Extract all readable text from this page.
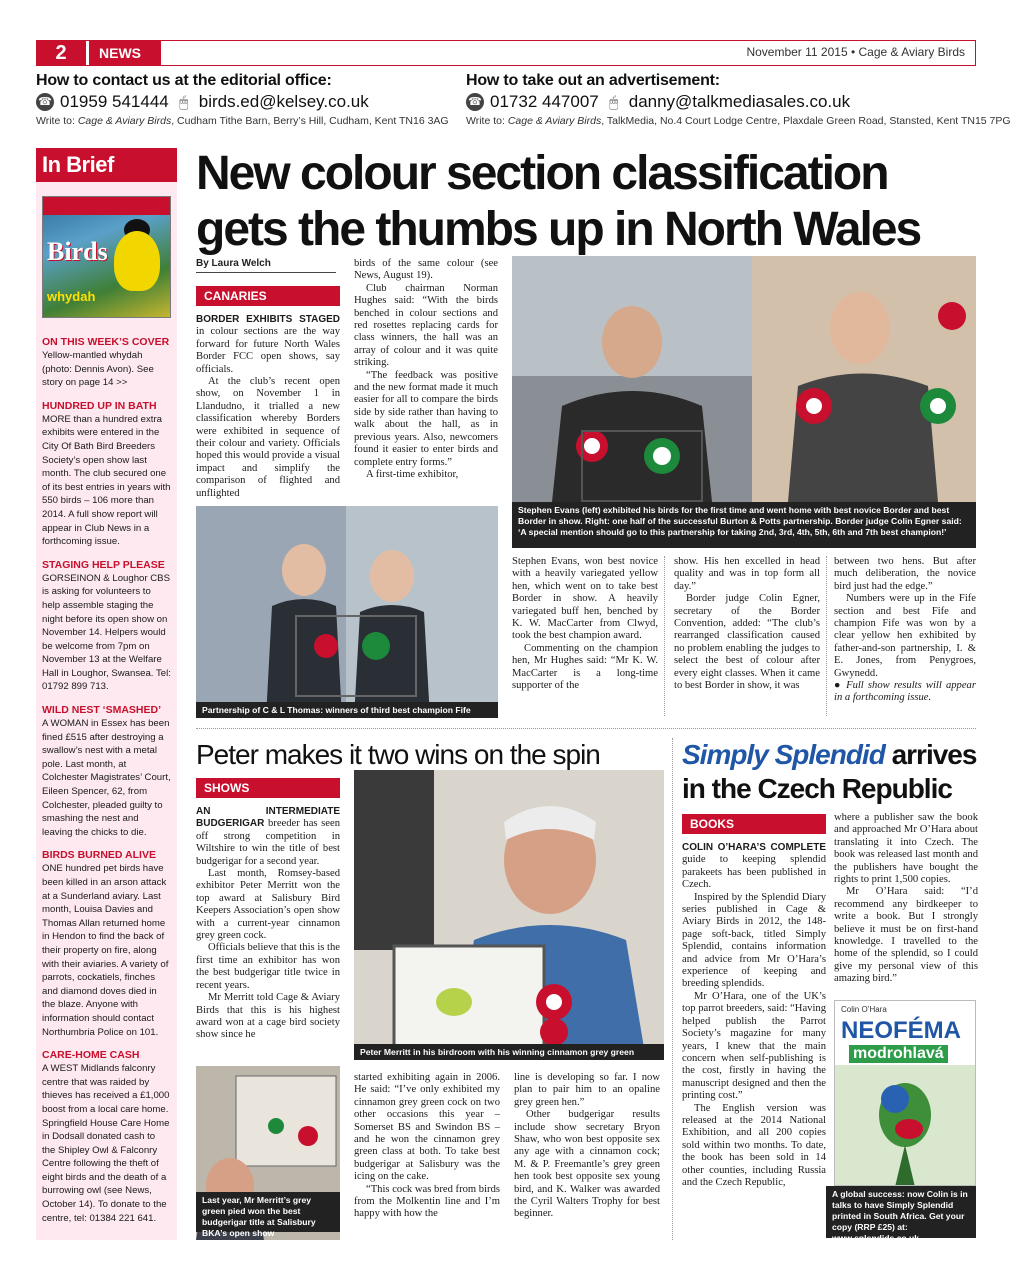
2	NEWS	November 11 2015 • Cage & Aviary Birds
How to contact us at the editorial office:
☎ 01959 541444 🖱 birds.ed@kelsey.co.uk
Write to: Cage & Aviary Birds, Cudham Tithe Barn, Berry’s Hill, Cudham, Kent TN16 3AG
How to take out an advertisement:
☎ 01732 447007 🖱 danny@talkmediasales.co.uk
Write to: Cage & Aviary Birds, TalkMedia, No.4 Court Lodge Centre, Plaxdale Green Road, Stansted, Kent TN15 7PG
In Brief
Birds
whydah
ON THIS WEEK’S COVER
Yellow-mantled whydah (photo: Dennis Avon). See story on page 14 >>
HUNDRED UP IN BATH
MORE than a hundred extra exhibits were entered in the City Of Bath Bird Breeders Society’s open show last month. The club secured one of its best entries in years with 550 birds – 106 more than 2014. A full show report will appear in Club News in a forthcoming issue.
STAGING HELP PLEASE
GORSEINON & Loughor CBS is asking for volunteers to help assemble staging the night before its open show on November 14. Helpers would be welcome from 7pm on November 13 at the Welfare Hall in Loughor, Swansea. Tel: 01792 899 713.
WILD NEST ‘SMASHED’
A WOMAN in Essex has been fined £515 after destroying a swallow’s nest with a metal pole. Last month, at Colchester Magistrates’ Court, Eileen Spencer, 62, from Colchester, pleaded guilty to smashing the nest and leaving the chicks to die.
BIRDS BURNED ALIVE
ONE hundred pet birds have been killed in an arson attack at a Sunderland aviary. Last month, Louisa Davies and Thomas Allan returned home in Hendon to find the back of their property on fire, along with their aviaries. A variety of parrots, cockatiels, finches and diamond doves died in the blaze. Anyone with information should contact Northumbria Police on 101.
CARE-HOME CASH
A WEST Midlands falconry centre that was raided by thieves has received a £1,000 boost from a local care home. Springfield House Care Home in Dodsall donated cash to the Shipley Owl & Falconry Centre following the theft of eight birds and the death of a burrowing owl (see News, October 14). To donate to the centre, tel: 01384 221 641.
New colour section classification gets the thumbs up in North Wales
By Laura Welch
CANARIES

BORDER EXHIBITS STAGED in colour sections are the way forward for future North Wales Border FCC open shows, say officials.

At the club’s recent open show, on November 1 in Llandudno, it trialled a new classification whereby Borders were exhibited in sequence of their colour and variety. Officials hoped this would provide a visual impact and simplify the comparison of flighted and unflighted

birds of the same colour (see News, August 19).

Club chairman Norman Hughes said: “With the birds benched in colour sections and red rosettes replacing cards for class winners, the hall was an array of colour and it was quite striking.

“The feedback was positive and the new format made it much easier for all to compare the birds side by side rather than having to walk about the hall, as in previous years. Also, newcomers found it easier to enter birds and complete entry forms.”

A first-time exhibitor,

Stephen Evans (left) exhibited his birds for the first time and went home with best novice Border and best Border in show. Right: one half of the successful Burton & Potts partnership. Border judge Colin Egner said: ‘A special mention should go to this partnership for taking 2nd, 3rd, 4th, 5th, 6th and 7th best champion!’
Partnership of C & L Thomas: winners of third best champion Fife canary

Stephen Evans, won best novice with a heavily variegated yellow hen, which went on to take best Border in show. A heavily variegated buff hen, benched by K. W. MacCarter from Clwyd, took the best champion award.

Commenting on the champion hen, Mr Hughes said: “Mr K. W. MacCarter is a long-time supporter of the

show. His hen excelled in head quality and was in top form all day.”

Border judge Colin Egner, secretary of the Border Convention, added: “The club’s rearranged classification caused no problem enabling the judges to select the best of colour after every eight classes. When it came to best Border in show, it was

between two hens. But after much deliberation, the novice bird just had the edge.”

Numbers were up in the Fife section and best Fife and champion Fife was won by a clear yellow hen exhibited by father-and-son partnership, I. & E. Jones, from Penygroes, Gwynedd.

● Full show results will appear in a forthcoming issue.

Peter makes it two wins on the spin
SHOWS

AN INTERMEDIATE BUDGERIGAR breeder has seen off strong competition in Wiltshire to win the title of best budgerigar for a second year.

Last month, Romsey-based exhibitor Peter Merritt won the top award at Salisbury Bird Keepers Association’s open show with a current-year cinnamon grey green cock.

Officials believe that this is the first time an exhibitor has won the best budgerigar title twice in recent years.

Mr Merritt told Cage & Aviary Birds that this is his highest award won at a cage bird society show since he

Peter Merritt in his birdroom with his winning cinnamon grey green budgie
Last year, Mr Merritt’s grey green pied won the best budgerigar title at Salisbury BKA’s open show

started exhibiting again in 2006. He said: “I’ve only exhibited my cinnamon grey green cock on two other occasions this year – Somerset BS and Swindon BS – and he won the cinnamon grey green class at both. To take best budgerigar at Salisbury was the icing on the cake.

“This cock was bred from birds from the Molkentin line and I’m happy with how the

line is developing so far. I now plan to pair him to an opaline grey green hen.”

Other budgerigar results include show secretary Bryon Shaw, who won best opposite sex any age with a cinnamon cock; M. & P. Freemantle’s grey green hen took best opposite sex young bird, and K. Walker was awarded the Cyril Walters Trophy for best beginner.

Simply Splendid arrives in the Czech Republic
BOOKS

COLIN O’HARA’S COMPLETE guide to keeping splendid parakeets has been published in Czech.

Inspired by the Splendid Diary series published in Cage & Aviary Birds in 2012, the 148-page soft-back, titled Simply Splendid, contains information and advice from Mr O’Hara’s experience of keeping and breeding splendids.

Mr O’Hara, one of the UK’s top parrot breeders, said: “Having helped publish the Parrot Society’s magazine for many years, I knew that the main concern when self-publishing is the cost, firstly in having the manuscript designed and then the printing cost.”

The English version was released at the 2014 National Exhibition, and all 200 copies sold within two months. To date, the book has been sold in 14 other counties, including Russia and the Czech Republic,

where a publisher saw the book and approached Mr O’Hara about translating it into Czech. The book was released last month and the publishers have bought the rights to print 1,500 copies.

Mr O’Hara said: “I’d recommend any birdkeeper to write a book. But I strongly believe it must be on first-hand knowledge. I travelled to the home of the splendid, so I could give my personal view of this amazing bird.”

Colin O’Hara
NEOFÉMA
modrohlavá
A global success: now Colin is in talks to have Simply Splendid printed in South Africa. Get your copy (RRP £25) at: www.splendids.co.uk
